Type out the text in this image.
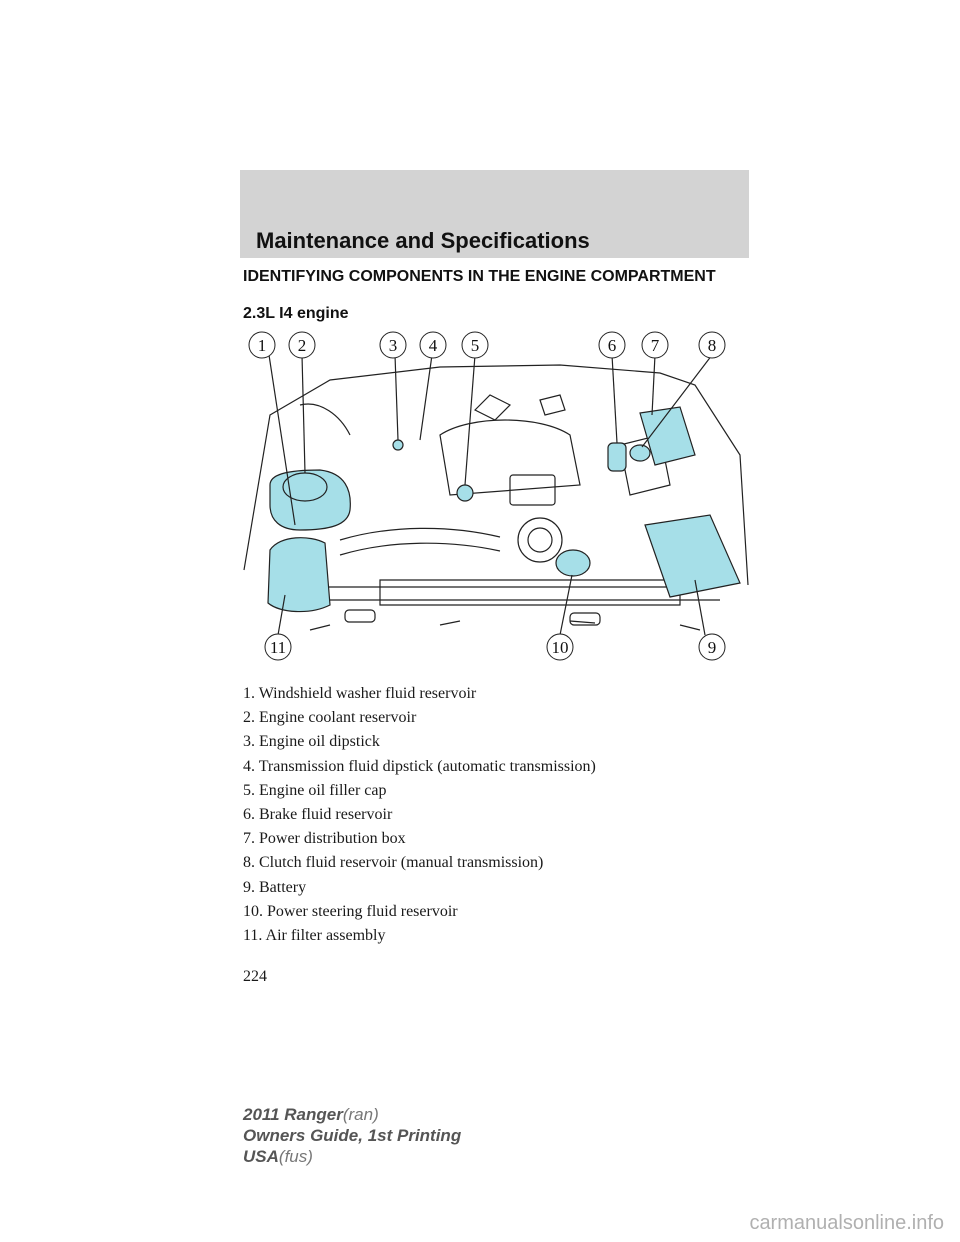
Maintenance and Specifications
IDENTIFYING COMPONENTS IN THE ENGINE COMPARTMENT
2.3L I4 engine
1 2	3 4 5	6 7	8
9
10
11
1. Windshield washer fluid reservoir
2. Engine coolant reservoir
3. Engine oil dipstick
4. Transmission fluid dipstick (automatic transmission)
5. Engine oil filler cap
6. Brake fluid reservoir
7. Power distribution box
8. Clutch fluid reservoir (manual transmission)
9. Battery
10. Power steering fluid reservoir
11. Air filter assembly
224
2011 Ranger(ran)
Owners Guide, 1st Printing
USA(fus)
carmanualsonline.info
